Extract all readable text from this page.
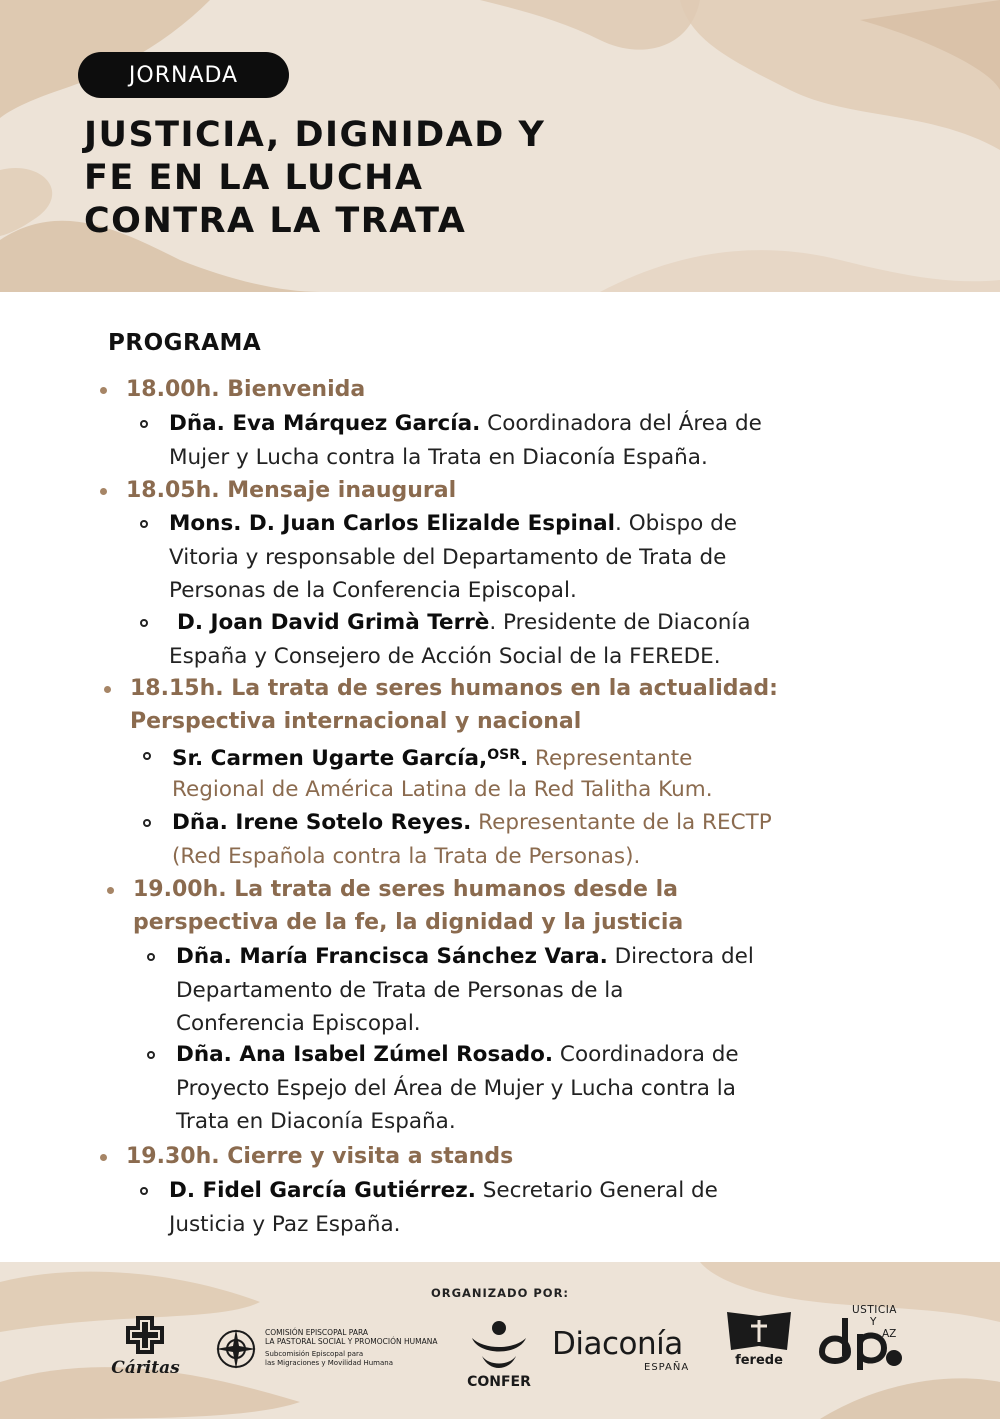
JORNADA
JUSTICIA, DIGNIDAD Y
FE EN LA LUCHA
CONTRA LA TRATA
PROGRAMA
18.00h. Bienvenida
Dña. Eva Márquez García. Coordinadora del Área de
Mujer y Lucha contra la Trata en Diaconía España.
18.05h. Mensaje inaugural
Mons. D. Juan Carlos Elizalde Espinal. Obispo de
Vitoria y responsable del Departamento de Trata de
Personas de la Conferencia Episcopal.
D. Joan David Grimà Terrè. Presidente de Diaconía
España y Consejero de Acción Social de la FEREDE.
18.15h. La trata de seres humanos en la actualidad:
Perspectiva internacional y nacional
Sr. Carmen Ugarte García,$^{OSR}$. Representante
Regional de América Latina de la Red Talitha Kum.
Dña. Irene Sotelo Reyes. Representante de la RECTP
(Red Española contra la Trata de Personas).
19.00h. La trata de seres humanos desde la
perspectiva de la fe, la dignidad y la justicia
Dña. María Francisca Sánchez Vara. Directora del
Departamento de Trata de Personas de la
Conferencia Episcopal.
Dña. Ana Isabel Zúmel Rosado. Coordinadora de
Proyecto Espejo del Área de Mujer y Lucha contra la
Trata en Diaconía España.
19.30h. Cierre y visita a stands
D. Fidel García Gutiérrez. Secretario General de
Justicia y Paz España.
ORGANIZADO POR:
Cáritas
COMISIÓN EPISCOPAL PARA
LA PASTORAL SOCIAL Y PROMOCIÓN HUMANA
Subcomisión Episcopal para
las Migraciones y Movilidad Humana
CONFER
Diaconía
ESPAÑA	ferede
USTICIA
Y
AZ
